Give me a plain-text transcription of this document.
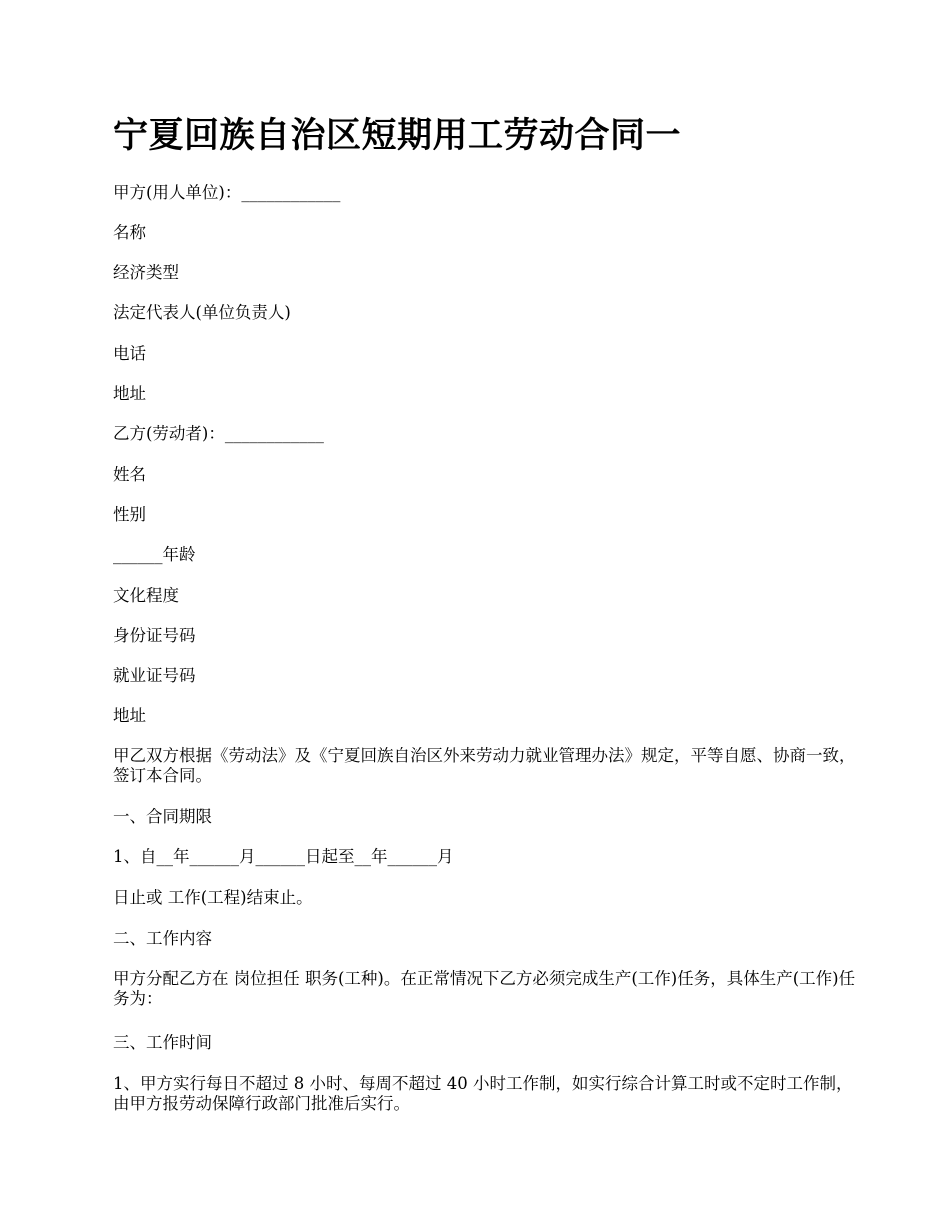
宁夏回族自治区短期用工劳动合同一

甲方(用人单位)：____________

名称

经济类型

法定代表人(单位负责人)

电话

地址

乙方(劳动者)：____________

姓名

性别

______年龄

文化程度

身份证号码

就业证号码

地址

甲乙双方根据《劳动法》及《宁夏回族自治区外来劳动力就业管理办法》规定，平等自愿、协商一致，签订本合同。

一、合同期限

1、自__年______月______日起至__年______月

日止或 工作(工程)结束止。

二、工作内容

甲方分配乙方在 岗位担任 职务(工种)。在正常情况下乙方必须完成生产(工作)任务，具体生产(工作)任务为：

三、工作时间

1、甲方实行每日不超过 8 小时、每周不超过 40 小时工作制，如实行综合计算工时或不定时工作制，由甲方报劳动保障行政部门批准后实行。
